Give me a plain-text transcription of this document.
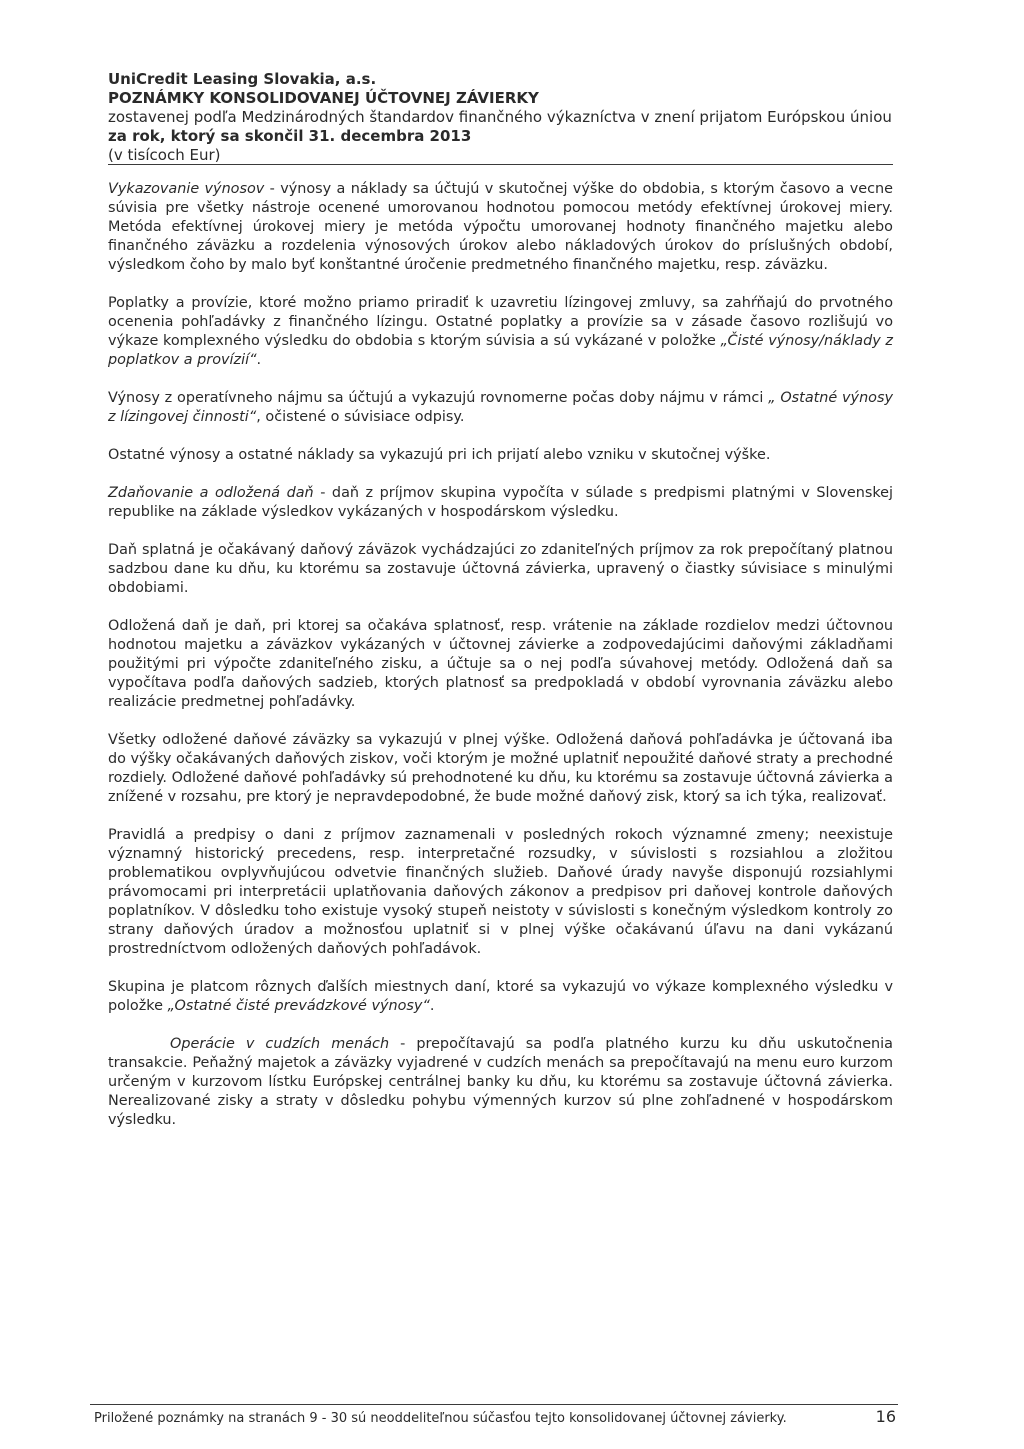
UniCredit Leasing Slovakia, a.s.
POZNÁMKY KONSOLIDOVANEJ ÚČTOVNEJ ZÁVIERKY
zostavenej podľa Medzinárodných štandardov finančného výkazníctva v znení prijatom Európskou úniou
za rok, ktorý sa skončil 31. decembra 2013
(v tisícoch Eur)

Vykazovanie výnosov - výnosy a náklady sa účtujú v skutočnej výške do obdobia, s ktorým časovo a vecne súvisia pre všetky nástroje ocenené umorovanou hodnotou pomocou metódy efektívnej úrokovej miery. Metóda efektívnej úrokovej miery je metóda výpočtu umorovanej hodnoty finančného majetku alebo finančného záväzku a rozdelenia výnosových úrokov alebo nákladových úrokov do príslušných období, výsledkom čoho by malo byť konštantné úročenie predmetného finančného majetku, resp. záväzku.

Poplatky a provízie, ktoré možno priamo priradiť k uzavretiu lízingovej zmluvy, sa zahŕňajú do prvotného ocenenia pohľadávky z finančného lízingu. Ostatné poplatky a provízie sa v zásade časovo rozlišujú vo výkaze komplexného výsledku do obdobia s ktorým súvisia a sú vykázané v položke „Čisté výnosy/náklady z poplatkov a provízií“.

Výnosy z operatívneho nájmu sa účtujú a vykazujú rovnomerne počas doby nájmu v rámci „ Ostatné výnosy z lízingovej činnosti“, očistené o súvisiace odpisy.

Ostatné výnosy a ostatné náklady sa vykazujú pri ich prijatí alebo vzniku v skutočnej výške.

Zdaňovanie a odložená daň - daň z príjmov skupina vypočíta v súlade s predpismi platnými v Slovenskej republike na základe výsledkov vykázaných v hospodárskom výsledku.

Daň splatná je očakávaný daňový záväzok vychádzajúci zo zdaniteľných príjmov za rok prepočítaný platnou sadzbou dane ku dňu, ku ktorému sa zostavuje účtovná závierka, upravený o čiastky súvisiace s minulými obdobiami.

Odložená daň je daň, pri ktorej sa očakáva splatnosť, resp. vrátenie na základe rozdielov medzi účtovnou hodnotou majetku a záväzkov vykázaných v účtovnej závierke a zodpovedajúcimi daňovými základňami použitými pri výpočte zdaniteľného zisku, a účtuje sa o nej podľa súvahovej metódy. Odložená daň sa vypočítava podľa daňových sadzieb, ktorých platnosť sa predpokladá v období vyrovnania záväzku alebo realizácie predmetnej pohľadávky.

Všetky odložené daňové záväzky sa vykazujú v plnej výške. Odložená daňová pohľadávka je účtovaná iba do výšky očakávaných daňových ziskov, voči ktorým je možné uplatniť nepoužité daňové straty a prechodné rozdiely. Odložené daňové pohľadávky sú prehodnotené ku dňu, ku ktorému sa zostavuje účtovná závierka a znížené v rozsahu, pre ktorý je nepravdepodobné, že bude možné daňový zisk, ktorý sa ich týka, realizovať.

Pravidlá a predpisy o dani z príjmov zaznamenali v posledných rokoch významné zmeny; neexistuje významný historický precedens, resp. interpretačné rozsudky, v súvislosti s rozsiahlou a zložitou problematikou ovplyvňujúcou odvetvie finančných služieb. Daňové úrady navyše disponujú rozsiahlymi právomocami pri interpretácii uplatňovania daňových zákonov a predpisov pri daňovej kontrole daňových poplatníkov. V dôsledku toho existuje vysoký stupeň neistoty v súvislosti s konečným výsledkom kontroly zo strany daňových úradov a možnosťou uplatniť si v plnej výške očakávanú úľavu na dani vykázanú prostredníctvom odložených daňových pohľadávok.

Skupina je platcom rôznych ďalších miestnych daní, ktoré sa vykazujú vo výkaze komplexného výsledku v položke „Ostatné čisté prevádzkové výnosy“.

Operácie v cudzích menách - prepočítavajú sa podľa platného kurzu ku dňu uskutočnenia transakcie. Peňažný majetok a záväzky vyjadrené v cudzích menách sa prepočítavajú na menu euro kurzom určeným v kurzovom lístku Európskej centrálnej banky ku dňu, ku ktorému sa zostavuje účtovná závierka. Nerealizované zisky a straty v dôsledku pohybu výmenných kurzov sú plne zohľadnené v hospodárskom výsledku.

Priložené poznámky na stranách 9 - 30 sú neoddeliteľnou súčasťou tejto konsolidovanej účtovnej závierky.	16
